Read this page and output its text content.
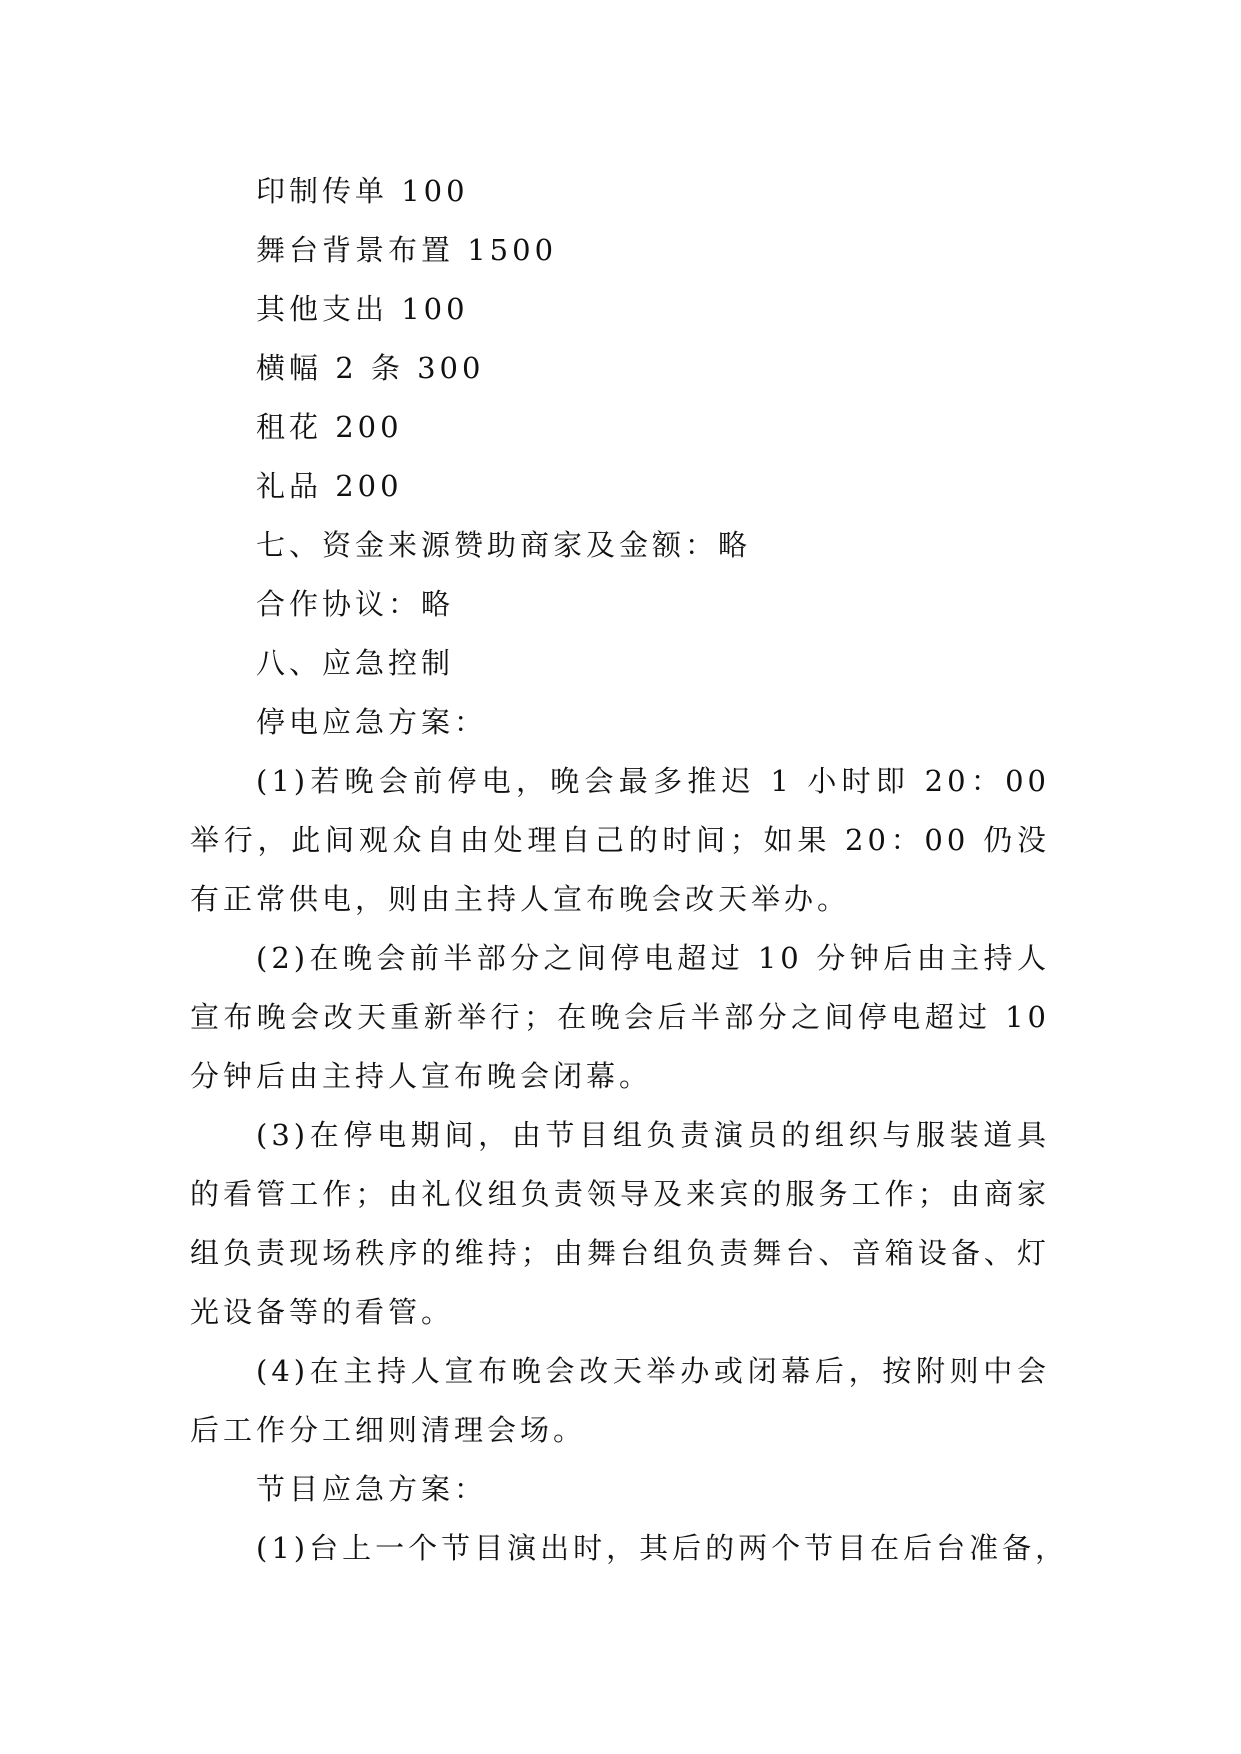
印制传单 100
舞台背景布置 1500
其他支出 100
横幅 2 条 300
租花 200
礼品 200
七、资金来源赞助商家及金额：略
合作协议：略
八、应急控制
停电应急方案：
(1)若晚会前停电，晚会最多推迟 1 小时即 20：00 举行，此间观众自由处理自己的时间；如果 20：00 仍没有正常供电，则由主持人宣布晚会改天举办。
(2)在晚会前半部分之间停电超过 10 分钟后由主持人宣布晚会改天重新举行；在晚会后半部分之间停电超过 10 分钟后由主持人宣布晚会闭幕。
(3)在停电期间，由节目组负责演员的组织与服装道具的看管工作；由礼仪组负责领导及来宾的服务工作；由商家组负责现场秩序的维持；由舞台组负责舞台、音箱设备、灯光设备等的看管。
(4)在主持人宣布晚会改天举办或闭幕后，按附则中会后工作分工细则清理会场。
节目应急方案：
(1)台上一个节目演出时，其后的两个节目在后台准备，
